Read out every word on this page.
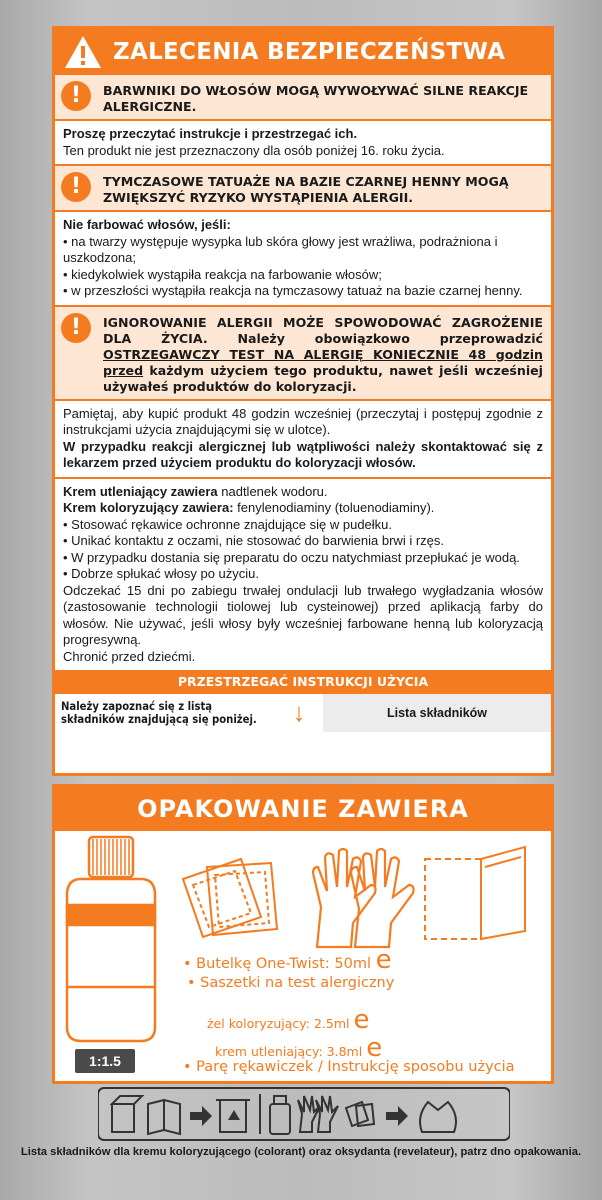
ZALECENIA BEZPIECZEŃSTWA
!	BARWNIKI DO WŁOSÓW MOGĄ WYWOŁYWAĆ SILNE REAKCJE ALERGICZNE.
Proszę przeczytać instrukcje i przestrzegać ich.
Ten produkt nie jest przeznaczony dla osób poniżej 16. roku życia.
!	TYMCZASOWE TATUAŻE NA BAZIE CZARNEJ HENNY MOGĄ ZWIĘKSZYĆ RYZYKO WYSTĄPIENIA ALERGII.
Nie farbować włosów, jeśli:
• na twarzy występuje wysypka lub skóra głowy jest wrażliwa, podrażniona i uszkodzona;
• kiedykolwiek wystąpiła reakcja na farbowanie włosów;
• w przeszłości wystąpiła reakcja na tymczasowy tatuaż na bazie czarnej henny.
!	IGNOROWANIE ALERGII MOŻE SPOWODOWAĆ ZAGROŻENIE DLA ŻYCIA. Należy obowiązkowo przeprowadzić OSTRZEGAWCZY TEST NA ALERGIĘ KONIECZNIE 48 godzin przed każdym użyciem tego produktu, nawet jeśli wcześniej używałeś produktów do koloryzacji.
Pamiętaj, aby kupić produkt 48 godzin wcześniej (przeczytaj i postępuj zgodnie z instrukcjami użycia znajdującymi się w ulotce).
W przypadku reakcji alergicznej lub wątpliwości należy skontaktować się z lekarzem przed użyciem produktu do koloryzacji włosów.
Krem utleniający zawiera nadtlenek wodoru.
Krem koloryzujący zawiera: fenylenodiaminy (toluenodiaminy).
• Stosować rękawice ochronne znajdujące się w pudełku.
• Unikać kontaktu z oczami, nie stosować do barwienia brwi i rzęs.
• W przypadku dostania się preparatu do oczu natychmiast przepłukać je wodą.
• Dobrze spłukać włosy po użyciu.
Odczekać 15 dni po zabiegu trwałej ondulacji lub trwałego wygładzania włosów (zastosowanie technologii tiolowej lub cysteinowej) przed aplikacją farby do włosów. Nie używać, jeśli włosy były wcześniej farbowane henną lub koloryzacją progresywną.
Chronić przed dziećmi.
PRZESTRZEGAĆ INSTRUKCJI UŻYCIA
Należy zapoznać się z listą składników znajdującą się poniżej.	↓	Lista składników
OPAKOWANIE ZAWIERA
• Butelkę One-Twist: 50ml e
• Saszetki na test alergiczny
żel koloryzujący: 2.5ml e
krem utleniający: 3.8ml e
• Parę rękawiczek / Instrukcję sposobu użycia
1:1.5
Lista składników dla kremu koloryzującego (colorant) oraz oksydanta (revelateur), patrz dno opakowania.
